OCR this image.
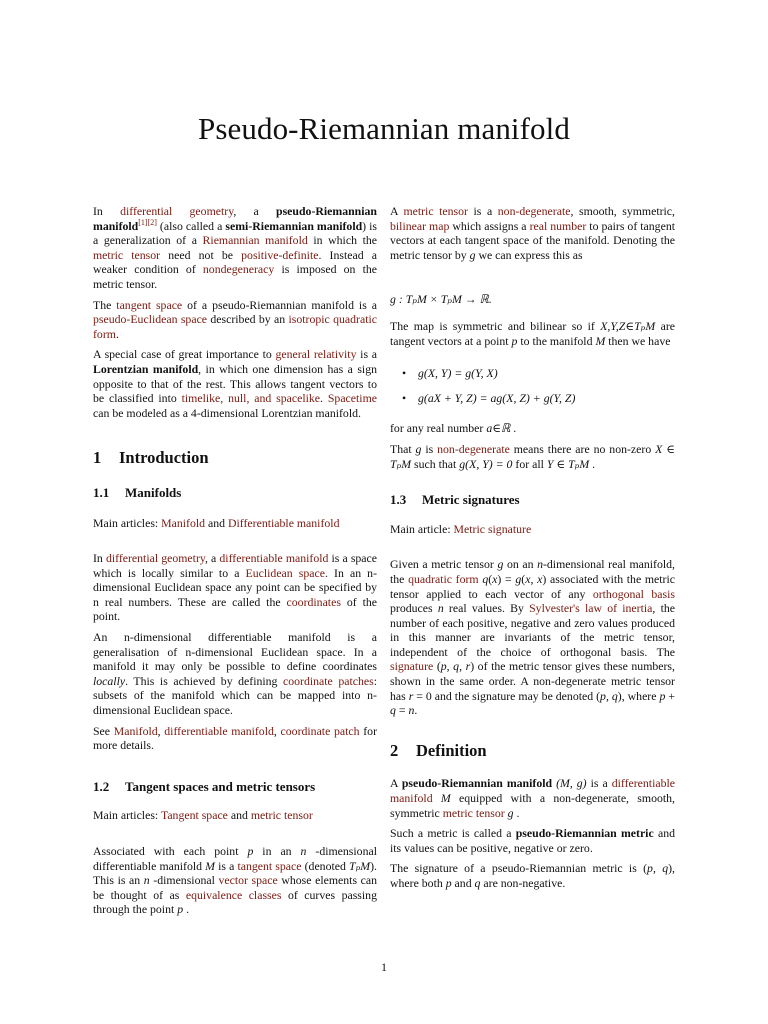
Pseudo-Riemannian manifold

In differential geometry, a pseudo-Riemannian manifold[1][2] (also called a semi-Riemannian manifold) is a generalization of a Riemannian manifold in which the metric tensor need not be positive-definite. Instead a weaker condition of nondegeneracy is imposed on the metric tensor.

The tangent space of a pseudo-Riemannian manifold is a pseudo-Euclidean space described by an isotropic quadratic form.

A special case of great importance to general relativity is a Lorentzian manifold, in which one dimension has a sign opposite to that of the rest. This allows tangent vectors to be classified into timelike, null, and spacelike. Spacetime can be modeled as a 4-dimensional Lorentzian manifold.

1 Introduction
1.1 Manifolds

Main articles: Manifold and Differentiable manifold

In differential geometry, a differentiable manifold is a space which is locally similar to a Euclidean space. In an n-dimensional Euclidean space any point can be specified by n real numbers. These are called the coordinates of the point.

An n-dimensional differentiable manifold is a generalisation of n-dimensional Euclidean space. In a manifold it may only be possible to define coordinates locally. This is achieved by defining coordinate patches: subsets of the manifold which can be mapped into n-dimensional Euclidean space.

See Manifold, differentiable manifold, coordinate patch for more details.

1.2 Tangent spaces and metric tensors

Main articles: Tangent space and metric tensor

Associated with each point p in an n -dimensional differentiable manifold M is a tangent space (denoted TₚM). This is an n -dimensional vector space whose elements can be thought of as equivalence classes of curves passing through the point p .

A metric tensor is a non-degenerate, smooth, symmetric, bilinear map which assigns a real number to pairs of tangent vectors at each tangent space of the manifold. Denoting the metric tensor by g we can express this as

g : TₚM × TₚM → ℝ.

The map is symmetric and bilinear so if X,Y,Z∈TₚM are tangent vectors at a point p to the manifold M then we have

• g(X, Y) = g(Y, X)
• g(aX + Y, Z) = ag(X, Z) + g(Y, Z)

for any real number a∈ℝ .

That g is non-degenerate means there are no non-zero X ∈ TₚM such that g(X, Y) = 0 for all Y ∈ TₚM .

1.3 Metric signatures

Main article: Metric signature

Given a metric tensor g on an n-dimensional real manifold, the quadratic form q(x) = g(x, x) associated with the metric tensor applied to each vector of any orthogonal basis produces n real values. By Sylvester's law of inertia, the number of each positive, negative and zero values produced in this manner are invariants of the metric tensor, independent of the choice of orthogonal basis. The signature (p, q, r) of the metric tensor gives these numbers, shown in the same order. A non-degenerate metric tensor has r = 0 and the signature may be denoted (p, q), where p + q = n.

2 Definition

A pseudo-Riemannian manifold (M, g) is a differentiable manifold M equipped with a non-degenerate, smooth, symmetric metric tensor g .

Such a metric is called a pseudo-Riemannian metric and its values can be positive, negative or zero.

The signature of a pseudo-Riemannian metric is (p, q), where both p and q are non-negative.

1
